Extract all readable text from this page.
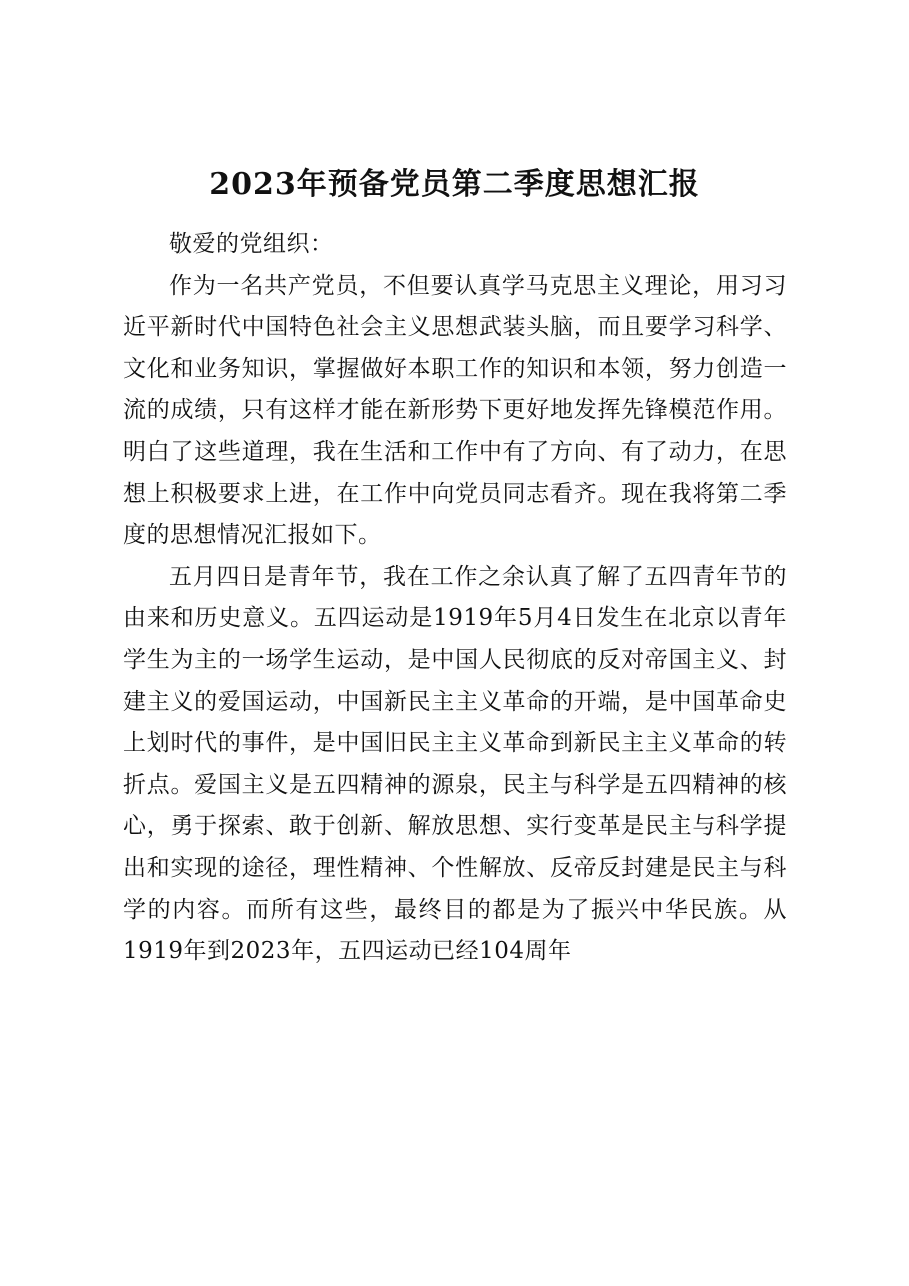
2023年预备党员第二季度思想汇报

敬爱的党组织：

作为一名共产党员，不但要认真学马克思主义理论，用习习近平新时代中国特色社会主义思想武装头脑，而且要学习科学、文化和业务知识，掌握做好本职工作的知识和本领，努力创造一流的成绩，只有这样才能在新形势下更好地发挥先锋模范作用。明白了这些道理，我在生活和工作中有了方向、有了动力，在思想上积极要求上进，在工作中向党员同志看齐。现在我将第二季度的思想情况汇报如下。

五月四日是青年节，我在工作之余认真了解了五四青年节的由来和历史意义。五四运动是1919年5月4日发生在北京以青年学生为主的一场学生运动，是中国人民彻底的反对帝国主义、封建主义的爱国运动，中国新民主主义革命的开端，是中国革命史上划时代的事件，是中国旧民主主义革命到新民主主义革命的转折点。爱国主义是五四精神的源泉，民主与科学是五四精神的核心，勇于探索、敢于创新、解放思想、实行变革是民主与科学提出和实现的途径，理性精神、个性解放、反帝反封建是民主与科学的内容。而所有这些，最终目的都是为了振兴中华民族。从1919年到2023年，五四运动已经104周年
